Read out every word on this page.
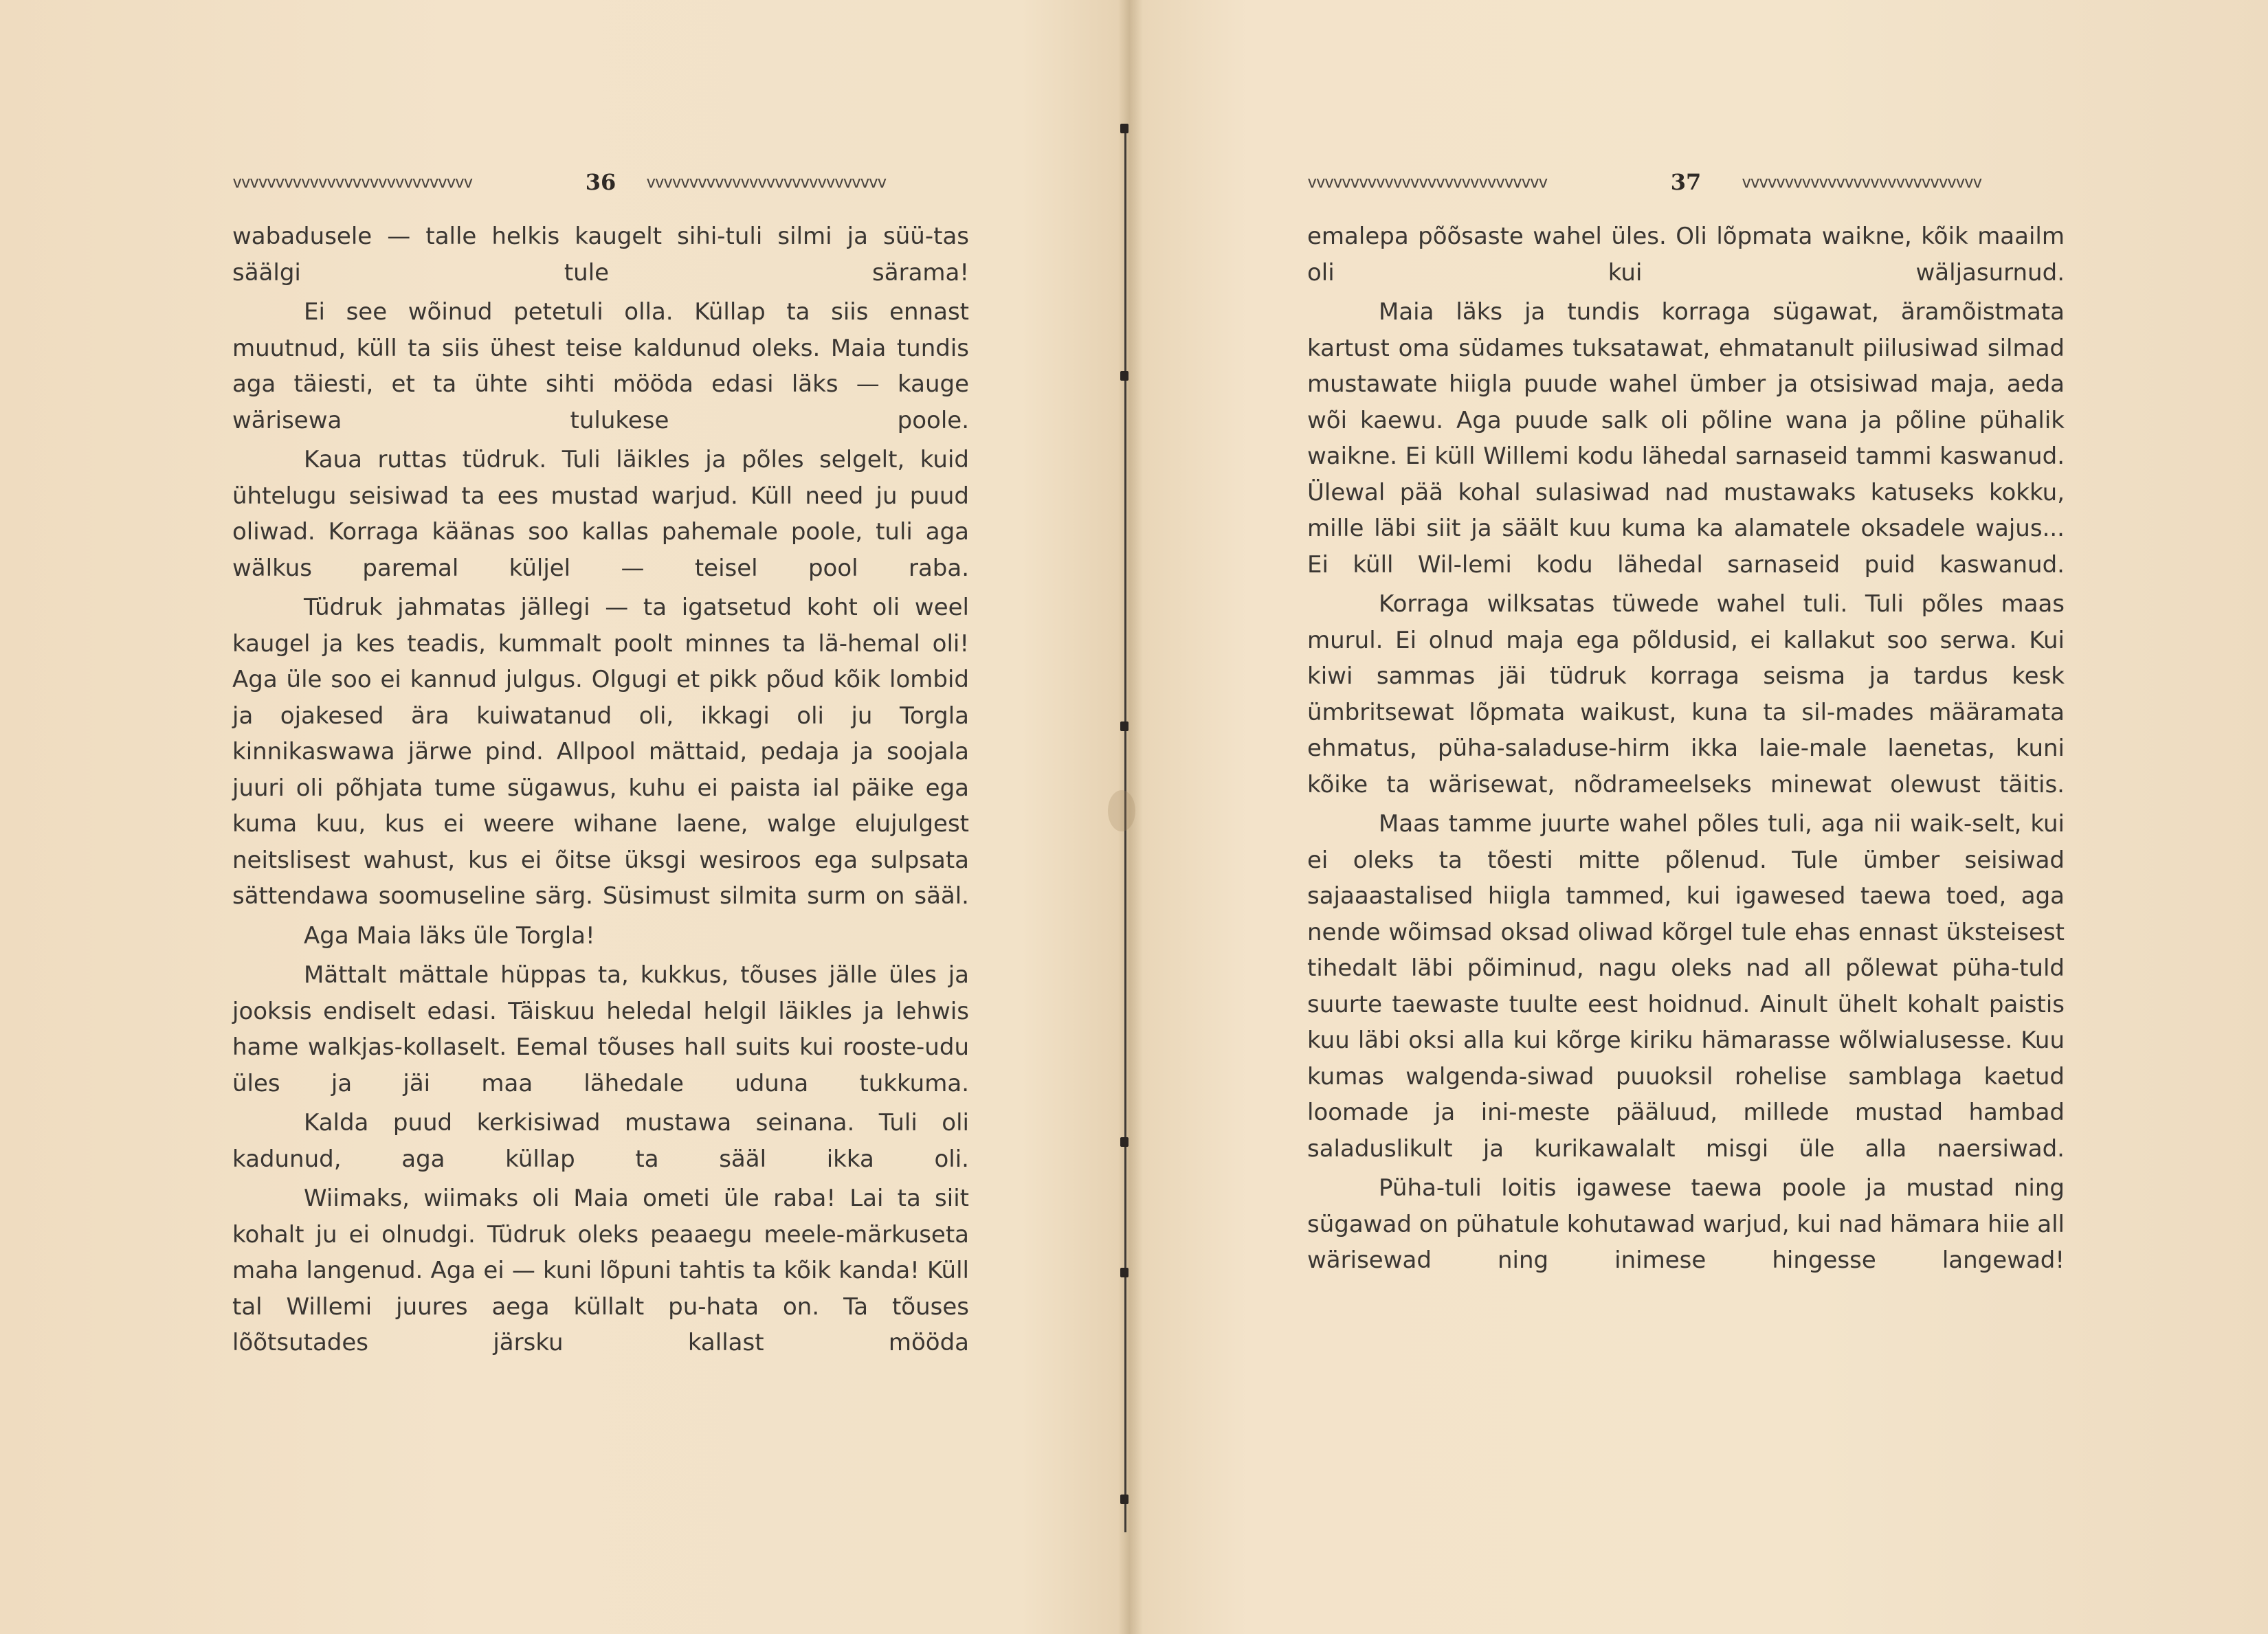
vvvvvvvvvvvvvvvvvvvvvvvvvvvv	36 vvvvvvvvvvvvvvvvvvvvvvvvvvvv

wabadusele — talle helkis kaugelt sihi-tuli silmi ja süü-tas säälgi tule särama!

Ei see wõinud petetuli olla. Küllap ta siis ennast muutnud, küll ta siis ühest teise kaldunud oleks. Maia tundis aga täiesti, et ta ühte sihti mööda edasi läks — kauge wärisewa tulukese poole.

Kaua ruttas tüdruk. Tuli läikles ja põles selgelt, kuid ühtelugu seisiwad ta ees mustad warjud. Küll need ju puud oliwad. Korraga käänas soo kallas pahemale poole, tuli aga wälkus paremal küljel — teisel pool raba.

Tüdruk jahmatas jällegi — ta igatsetud koht oli weel kaugel ja kes teadis, kummalt poolt minnes ta lä-hemal oli! Aga üle soo ei kannud julgus. Olgugi et pikk põud kõik lombid ja ojakesed ära kuiwatanud oli, ikkagi oli ju Torgla kinnikaswawa järwe pind. Allpool mättaid, pedaja ja soojala juuri oli põhjata tume sügawus, kuhu ei paista ial päike ega kuma kuu, kus ei weere wihane laene, walge elujulgest neitslisest wahust, kus ei õitse üksgi wesiroos ega sulpsata sättendawa soomuseline särg. Süsimust silmita surm on sääl.

Aga Maia läks üle Torgla!

Mättalt mättale hüppas ta, kukkus, tõuses jälle üles ja jooksis endiselt edasi. Täiskuu heledal helgil läikles ja lehwis hame walkjas-kollaselt. Eemal tõuses hall suits kui rooste-udu üles ja jäi maa lähedale uduna tukkuma.

Kalda puud kerkisiwad mustawa seinana. Tuli oli kadunud, aga küllap ta sääl ikka oli.

Wiimaks, wiimaks oli Maia ometi üle raba! Lai ta siit kohalt ju ei olnudgi. Tüdruk oleks peaaegu meele-märkuseta maha langenud. Aga ei — kuni lõpuni tahtis ta kõik kanda! Küll tal Willemi juures aega küllalt pu-hata on. Ta tõuses lõõtsutades järsku kallast mööda

vvvvvvvvvvvvvvvvvvvvvvvvvvvv	37 vvvvvvvvvvvvvvvvvvvvvvvvvvvv

emalepa põõsaste wahel üles. Oli lõpmata waikne, kõik maailm oli kui wäljasurnud.

Maia läks ja tundis korraga sügawat, äramõistmata kartust oma südames tuksatawat, ehmatanult piilusiwad silmad mustawate hiigla puude wahel ümber ja otsisiwad maja, aeda wõi kaewu. Aga puude salk oli põline wana ja põline pühalik waikne. Ei küll Willemi kodu lähedal sarnaseid tammi kaswanud. Ülewal pää kohal sulasiwad nad mustawaks katuseks kokku, mille läbi siit ja säält kuu kuma ka alamatele oksadele wajus... Ei küll Wil-lemi kodu lähedal sarnaseid puid kaswanud.

Korraga wilksatas tüwede wahel tuli. Tuli põles maas murul. Ei olnud maja ega põldusid, ei kallakut soo serwa. Kui kiwi sammas jäi tüdruk korraga seisma ja tardus kesk ümbritsewat lõpmata waikust, kuna ta sil-mades määramata ehmatus, püha-saladuse-hirm ikka laie-male laenetas, kuni kõike ta wärisewat, nõdrameelseks minewat olewust täitis.

Maas tamme juurte wahel põles tuli, aga nii waik-selt, kui ei oleks ta tõesti mitte põlenud. Tule ümber seisiwad sajaaastalised hiigla tammed, kui igawesed taewa toed, aga nende wõimsad oksad oliwad kõrgel tule ehas ennast üksteisest tihedalt läbi põiminud, nagu oleks nad all põlewat püha-tuld suurte taewaste tuulte eest hoidnud. Ainult ühelt kohalt paistis kuu läbi oksi alla kui kõrge kiriku hämarasse wõlwialusesse. Kuu kumas walgenda-siwad puuoksil rohelise samblaga kaetud loomade ja ini-meste pääluud, millede mustad hambad saladuslikult ja kurikawalalt misgi üle alla naersiwad.

Püha-tuli loitis igawese taewa poole ja mustad ning sügawad on pühatule kohutawad warjud, kui nad hämara hiie all wärisewad ning inimese hingesse langewad!
